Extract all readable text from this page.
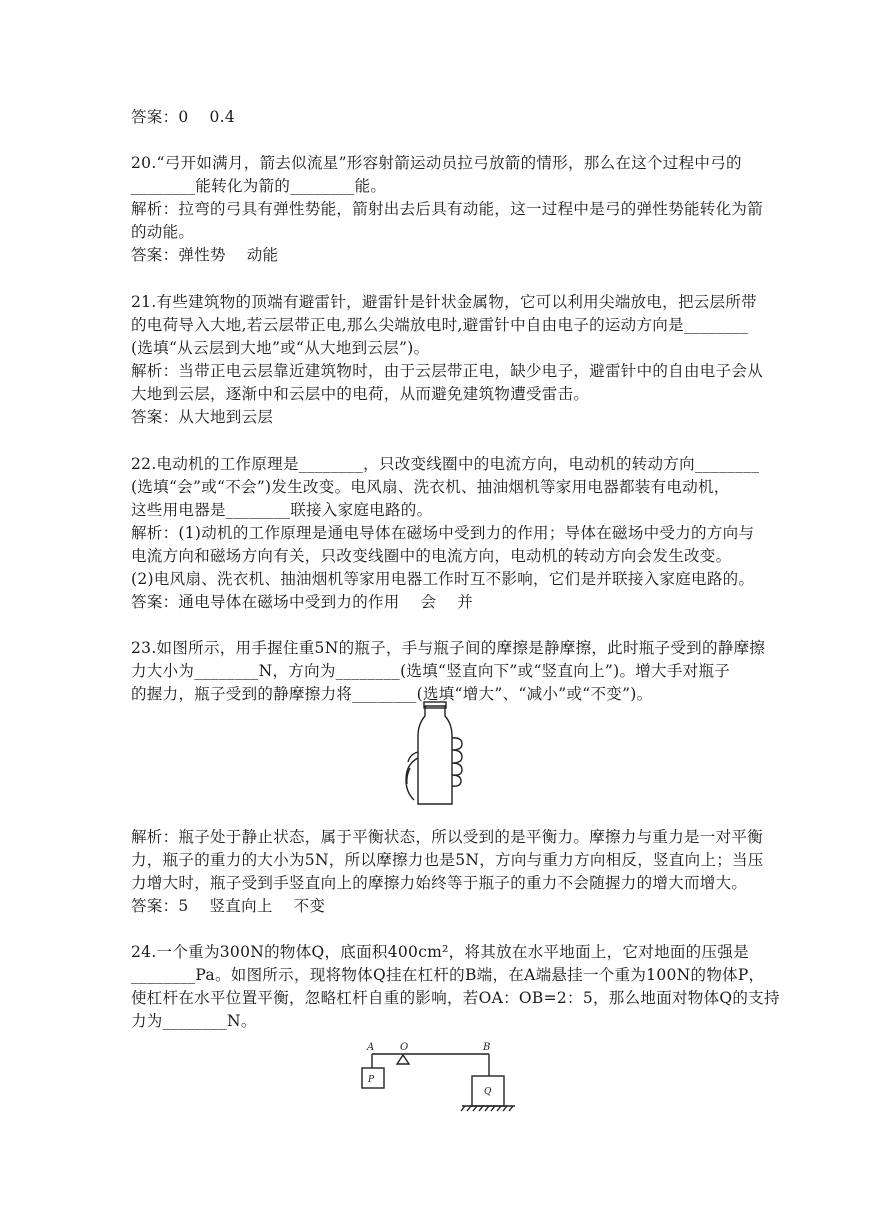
答案：0    0.4
20.“弓开如满月，箭去似流星”形容射箭运动员拉弓放箭的情形，那么在这个过程中弓的
________能转化为箭的________能。
解析：拉弯的弓具有弹性势能，箭射出去后具有动能，这一过程中是弓的弹性势能转化为箭
的动能。
答案：弹性势    动能
21.有些建筑物的顶端有避雷针，避雷针是针状金属物，它可以利用尖端放电，把云层所带
的电荷导入大地,若云层带正电,那么尖端放电时,避雷针中自由电子的运动方向是________
(选填“从云层到大地”或“从大地到云层”)。
解析：当带正电云层靠近建筑物时，由于云层带正电，缺少电子，避雷针中的自由电子会从
大地到云层，逐渐中和云层中的电荷，从而避免建筑物遭受雷击。
答案：从大地到云层
22.电动机的工作原理是________，只改变线圈中的电流方向，电动机的转动方向________
(选填“会”或“不会”)发生改变。电风扇、洗衣机、抽油烟机等家用电器都装有电动机，
这些用电器是________联接入家庭电路的。
解析：(1)动机的工作原理是通电导体在磁场中受到力的作用；导体在磁场中受力的方向与
电流方向和磁场方向有关，只改变线圈中的电流方向，电动机的转动方向会发生改变。
(2)电风扇、洗衣机、抽油烟机等家用电器工作时互不影响，它们是并联接入家庭电路的。
答案：通电导体在磁场中受到力的作用    会    并
23.如图所示，用手握住重5N的瓶子，手与瓶子间的摩擦是静摩擦，此时瓶子受到的静摩擦
力大小为________N，方向为________(选填“竖直向下”或“竖直向上”)。增大手对瓶子
的握力，瓶子受到的静摩擦力将________(选填“增大”、“减小”或“不变”)。
解析：瓶子处于静止状态，属于平衡状态，所以受到的是平衡力。摩擦力与重力是一对平衡
力，瓶子的重力的大小为5N，所以摩擦力也是5N，方向与重力方向相反，竖直向上；当压
力增大时，瓶子受到手竖直向上的摩擦力始终等于瓶子的重力不会随握力的增大而增大。
答案：5    竖直向上    不变
24.一个重为300N的物体Q，底面积400cm²，将其放在水平地面上，它对地面的压强是
________Pa。如图所示，现将物体Q挂在杠杆的B端，在A端悬挂一个重为100N的物体P，
使杠杆在水平位置平衡，忽略杠杆自重的影响，若OA：OB=2：5，那么地面对物体Q的支持
力为________N。
A	O	B
P
Q
